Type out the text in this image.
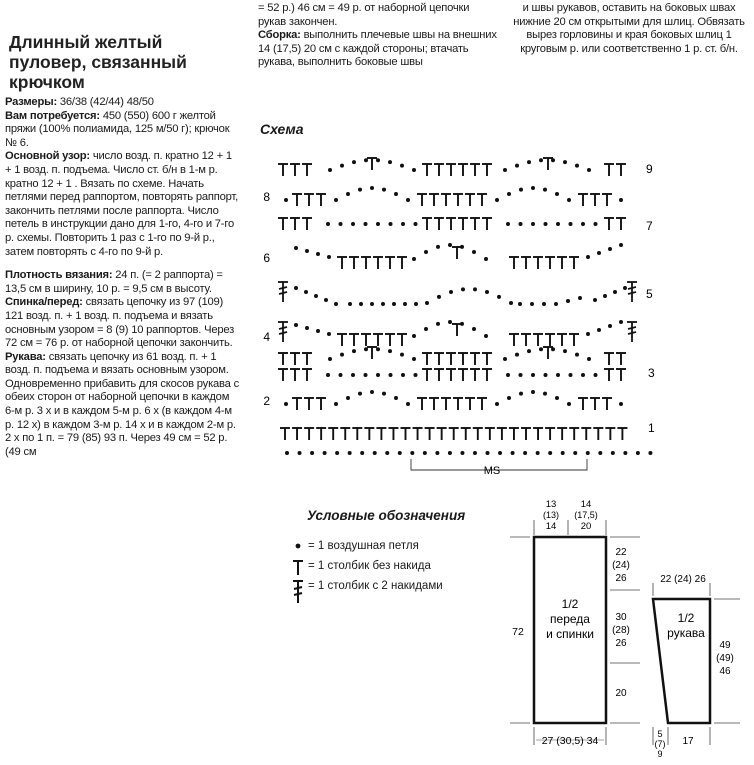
Длинный желтый пуловер, связанный крючком

Размеры: 36/38 (42/44) 48/50

Вам потребуется: 450 (550) 600 г желтой пряжи (100% полиамида, 125 м/50 г); крючок № 6.

Основной узор: число возд. п. кратно 12 + 1 + 1 возд. п. подъема. Число ст. б/н в 1-м р. кратно 12 + 1 . Вязать по схеме. Начать петлями перед раппортом, повторять раппорт, закончить петлями после раппорта. Число петель в инструкции дано для 1-го, 4-го и 7-го р. схемы. Повторить 1 раз с 1-го по 9-й р., затем повторять с 4-го по 9-й р.

Плотность вязания: 24 п. (= 2 раппорта) = 13,5 см в ширину, 10 р. = 9,5 см в высоту.

Спинка/перед: связать цепочку из 97 (109) 121 возд. п. + 1 возд. п. подъема и вязать основным узором = 8 (9) 10 раппортов. Через 72 см = 76 р. от наборной цепочки закончить.

Рукава: связать цепочку из 61 возд. п. + 1 возд. п. подъема и вязать основным узором. Одновременно прибавить для скосов рукава с обеих сторон от наборной цепочки в каждом 6-м р. 3 х и в каждом 5-м р. 6 х (в каждом 4-м р. 12 х) в каждом 3-м р. 14 х и в каждом 2-м р. 2 х по 1 п. = 79 (85) 93 п. Через 49 см = 52 р. (49 см

= 52 р.) 46 см = 49 р. от наборной цепочки рукав закончен.

Сборка: выполнить плечевые швы на внешних 14 (17,5) 20 см с каждой стороны; втачать рукава, выполнить боковые швы

и швы рукавов, оставить на боковых швах нижние 20 см открытыми для шлиц. Обвязать вырез горловины и края боковых шлиц 1 круговым р. или соответственно 1 р. ст. б/н.

Схема
1
2
3
4
5
6
7
8
9
MS
Условные обозначения
= 1 воздушная петля
= 1 столбик без накида
= 1 столбик с 2 накидами
13
(13)
14
14
(17,5)
20
22
(24)
26
30
(28)
26
20
72
27 (30,5) 34
1/2
переда
и спинки
22 (24) 26
1/2
рукава
49
(49)
46
5
(7)
9
17
